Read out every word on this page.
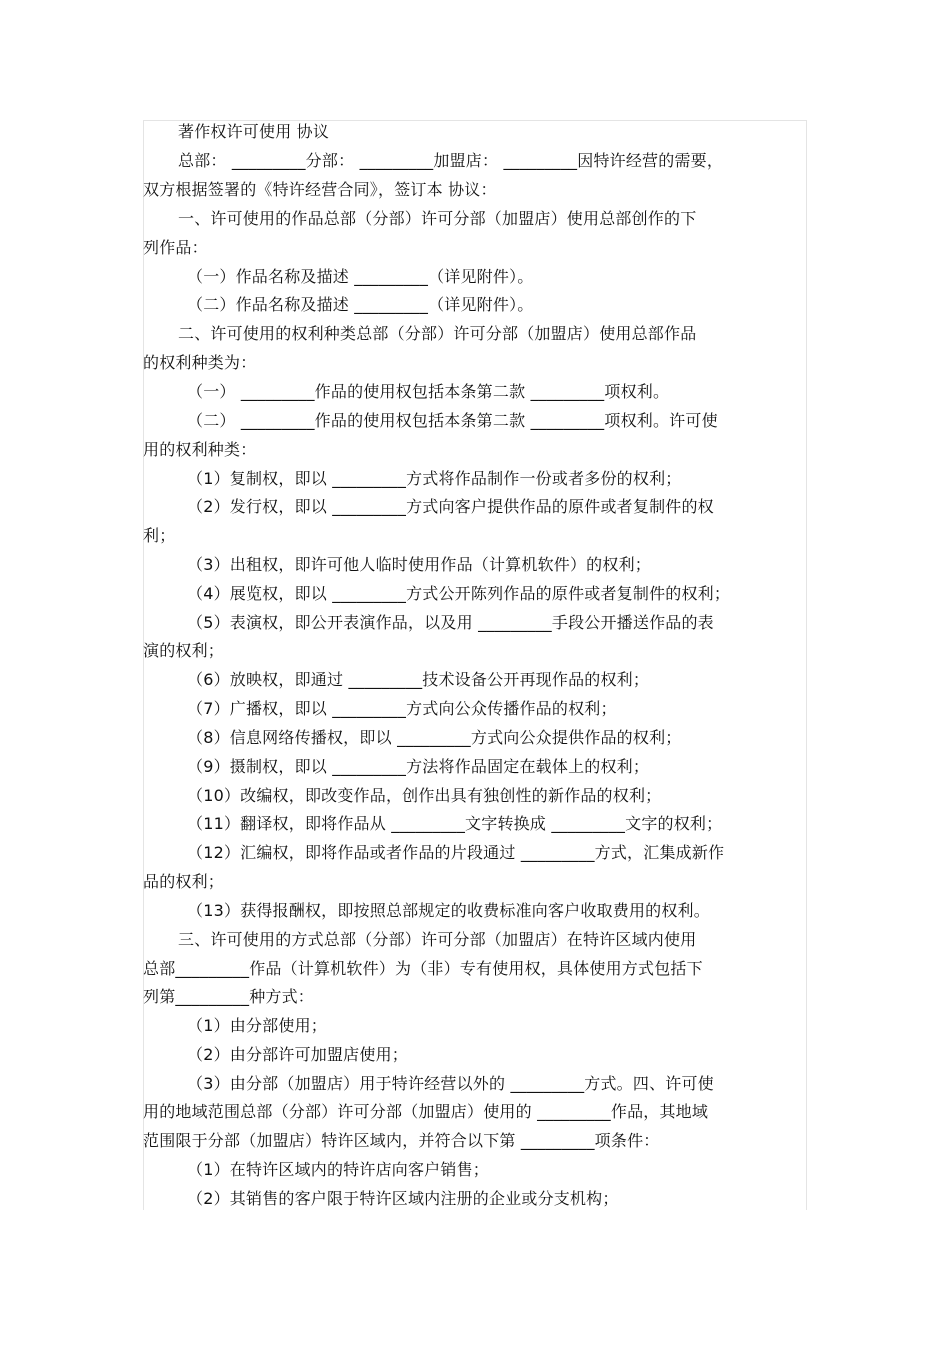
著作权许可使用 协议
总部： _________分部： _________加盟店： _________因特许经营的需要，
双方根据签署的《特许经营合同》，签订本 协议：
一、许可使用的作品总部（分部）许可分部（加盟店）使用总部创作的下
列作品：
（一）作品名称及描述 _________（详见附件）。
（二）作品名称及描述 _________（详见附件）。
二、许可使用的权利种类总部（分部）许可分部（加盟店）使用总部作品
的权利种类为：
（一） _________作品的使用权包括本条第二款 _________项权利。
（二） _________作品的使用权包括本条第二款 _________项权利。许可使
用的权利种类：
（1）复制权，即以 _________方式将作品制作一份或者多份的权利；
（2）发行权，即以 _________方式向客户提供作品的原件或者复制件的权
利；
（3）出租权，即许可他人临时使用作品（计算机软件）的权利；
（4）展览权，即以 _________方式公开陈列作品的原件或者复制件的权利；
（5）表演权，即公开表演作品，以及用 _________手段公开播送作品的表
演的权利；
（6）放映权，即通过 _________技术设备公开再现作品的权利；
（7）广播权，即以 _________方式向公众传播作品的权利；
（8）信息网络传播权，即以 _________方式向公众提供作品的权利；
（9）摄制权，即以 _________方法将作品固定在载体上的权利；
（10）改编权，即改变作品，创作出具有独创性的新作品的权利；
（11）翻译权，即将作品从 _________文字转换成 _________文字的权利；
（12）汇编权，即将作品或者作品的片段通过 _________方式，汇集成新作
品的权利；
（13）获得报酬权，即按照总部规定的收费标准向客户收取费用的权利。
三、许可使用的方式总部（分部）许可分部（加盟店）在特许区域内使用
总部_________作品（计算机软件）为（非）专有使用权，具体使用方式包括下
列第_________种方式：
（1）由分部使用；
（2）由分部许可加盟店使用；
（3）由分部（加盟店）用于特许经营以外的 _________方式。四、许可使
用的地域范围总部（分部）许可分部（加盟店）使用的 _________作品，其地域
范围限于分部（加盟店）特许区域内，并符合以下第 _________项条件：
（1）在特许区域内的特许店向客户销售；
（2）其销售的客户限于特许区域内注册的企业或分支机构；
